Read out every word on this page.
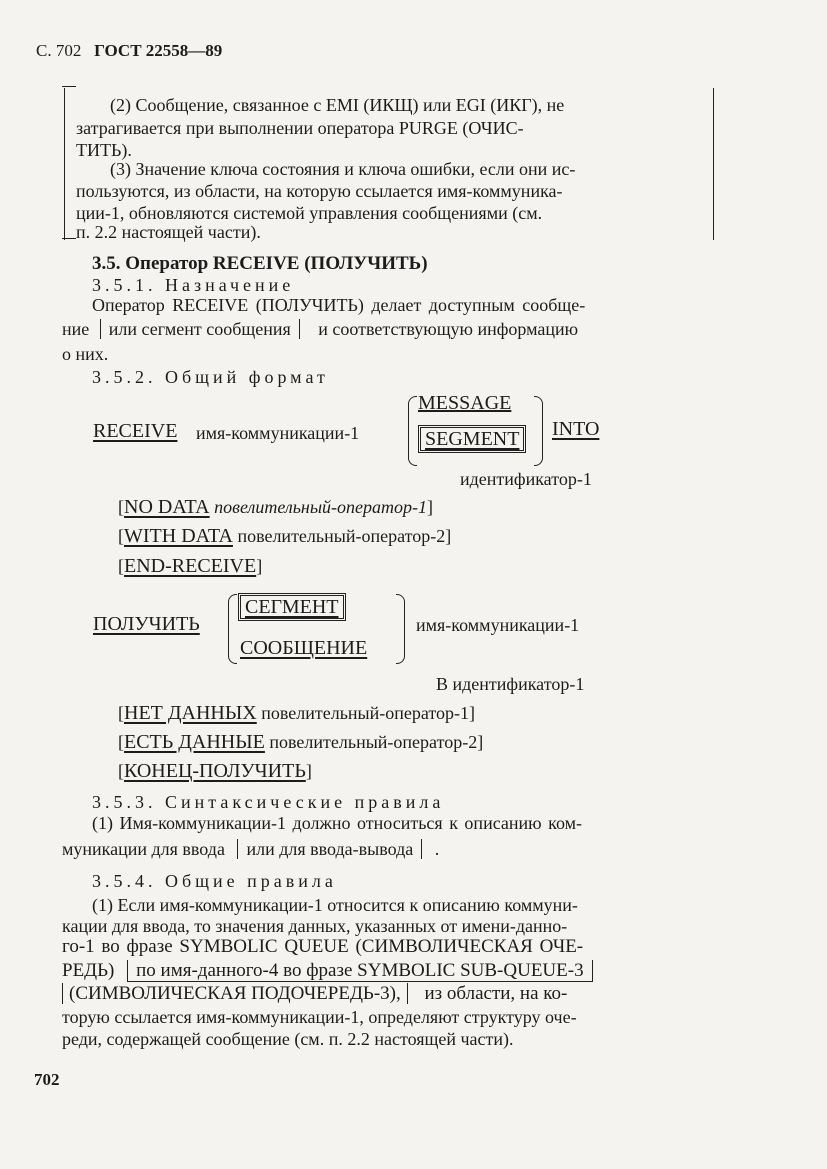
С. 702 ГОСТ 22558—89
(2) Сообщение, связанное с EMI (ИКЩ) или EGI (ИКГ), не
затрагивается при выполнении оператора PURGE (ОЧИС-
ТИТЬ).
(3) Значение ключа состояния и ключа ошибки, если они ис-
пользуются, из области, на которую ссылается имя-коммуника-
ции-1, обновляются системой управления сообщениями (см.
п. 2.2 настоящей части).
3.5. Оператор RECEIVE (ПОЛУЧИТЬ)
3.5.1. Назначение
Оператор RECEIVE (ПОЛУЧИТЬ) делает доступным сообще-
ние или сегмент сообщения и соответствующую информацию
о них.
3.5.2. Общий формат
RECEIVE имя-коммуникации-1
MESSAGE
SEGMENT	INTO
идентификатор-1
[NO DATA повелительный-оператор-1]
[WITH DATA повелительный-оператор-2]
[END-RECEIVE]
ПОЛУЧИТЬ
СЕГМЕНТ
СООБЩЕНИЕ
имя-коммуникации-1
В идентификатор-1
[НЕТ ДАННЫХ повелительный-оператор-1]
[ЕСТЬ ДАННЫЕ повелительный-оператор-2]
[КОНЕЦ-ПОЛУЧИТЬ]
3.5.3. Синтаксические правила
(1) Имя-коммуникации-1 должно относиться к описанию ком-
муникации для ввода или для ввода-вывода .
3.5.4. Общие правила
(1) Если имя-коммуникации-1 относится к описанию коммуни-
кации для ввода, то значения данных, указанных от имени-данно-
го-1 во фразе SYMBOLIC QUEUE (СИМВОЛИЧЕСКАЯ ОЧЕ-
РЕДЬ) по имя-данного-4 во фразе SYMBOLIC SUB-QUEUE-3
(СИМВОЛИЧЕСКАЯ ПОДОЧЕРЕДЬ-3), из области, на ко-
торую ссылается имя-коммуникации-1, определяют структуру оче-
реди, содержащей сообщение (см. п. 2.2 настоящей части).
702
